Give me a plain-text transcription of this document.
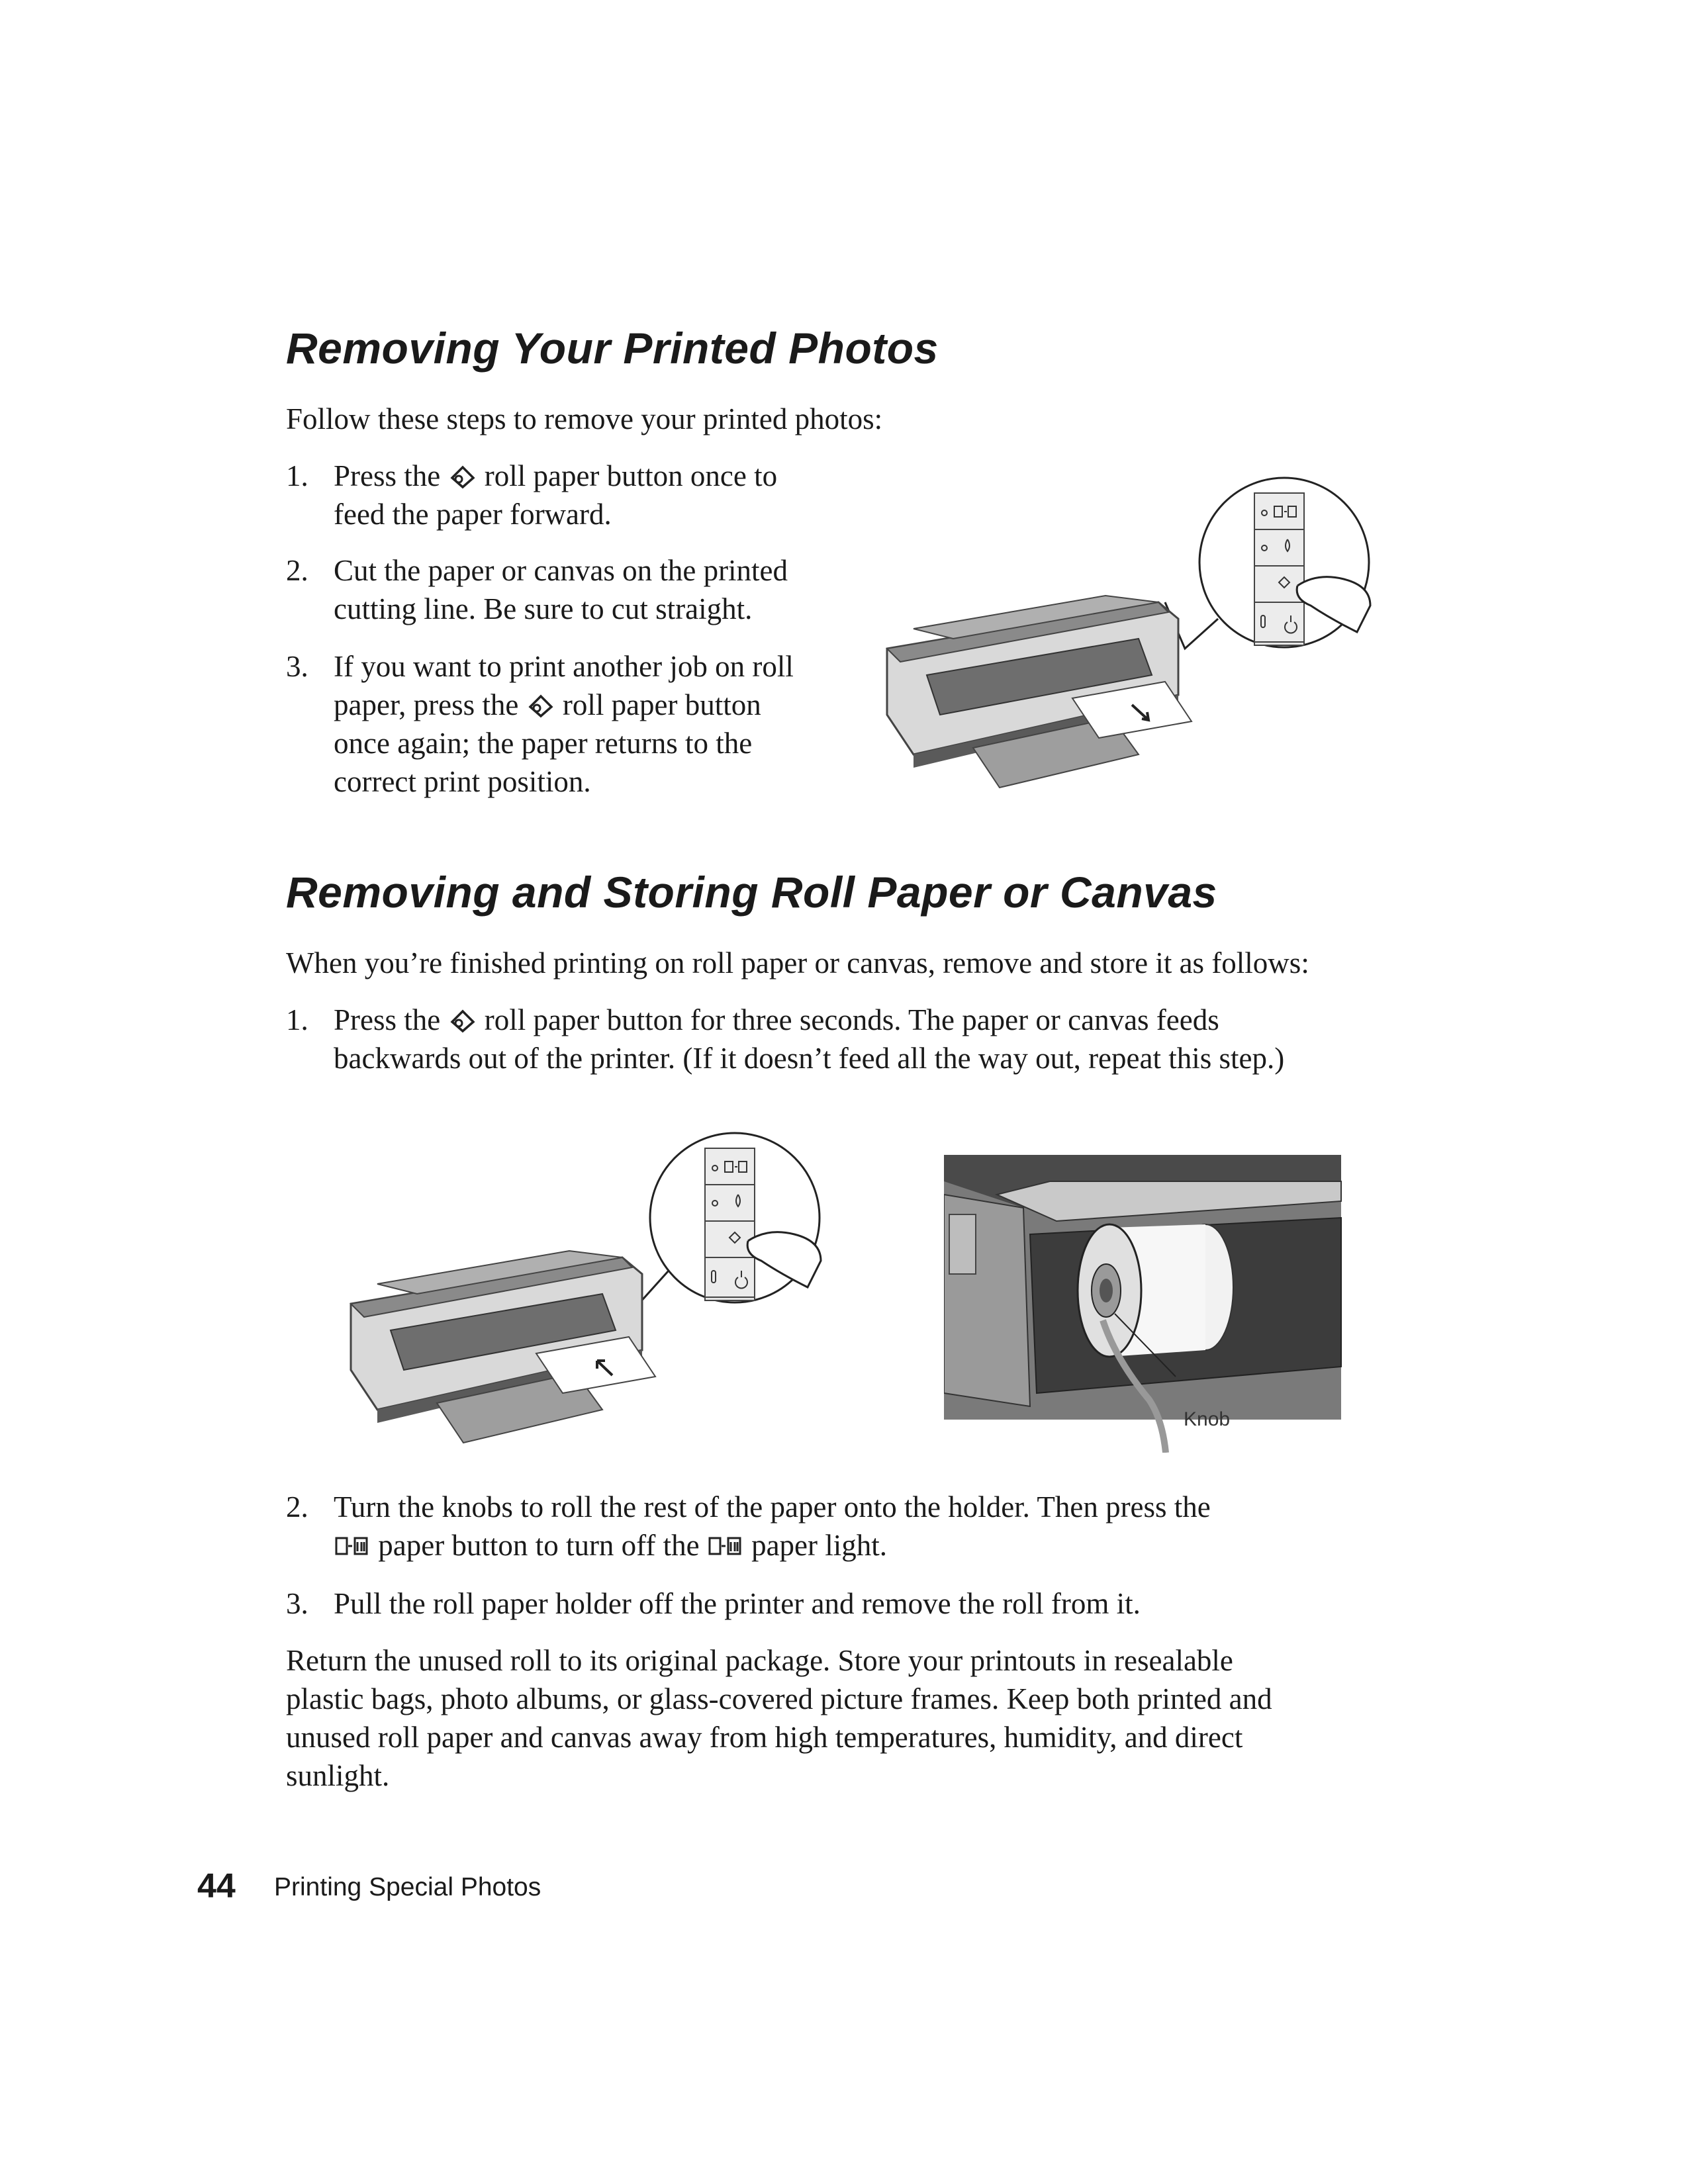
Removing Your Printed Photos
Follow these steps to remove your printed photos:
1. Press the roll paper button once to
feed the paper forward.
2. Cut the paper or canvas on the printed
cutting line. Be sure to cut straight.
3. If you want to print another job on roll
paper, press the roll paper button
once again; the paper returns to the
correct print position.
Removing and Storing Roll Paper or Canvas
When you’re finished printing on roll paper or canvas, remove and store it as follows:
1. Press the roll paper button for three seconds. The paper or canvas feeds
backwards out of the printer. (If it doesn’t feed all the way out, repeat this step.)
Knob
2. Turn the knobs to roll the rest of the paper onto the holder. Then press the
paper button to turn off the paper light.
3. Pull the roll paper holder off the printer and remove the roll from it.
Return the unused roll to its original package. Store your printouts in resealable
plastic bags, photo albums, or glass-covered picture frames. Keep both printed and
unused roll paper and canvas away from high temperatures, humidity, and direct
sunlight.
44 Printing Special Photos
